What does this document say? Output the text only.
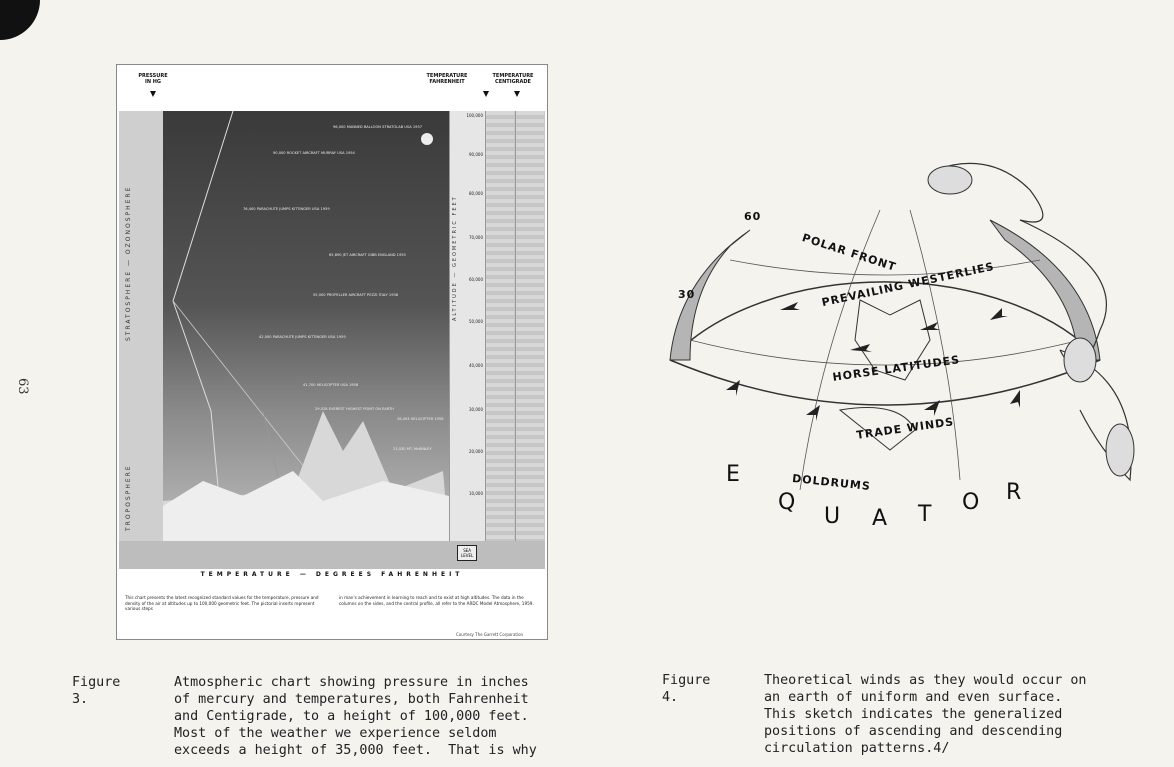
63
PRESSURE
IN HG
TEMPERATURE
FAHRENHEIT
TEMPERATURE
CENTIGRADE
STRATOSPHERE — OZONOSPHERE
TROPOSPHERE
96,000 MANNED BALLOON STRATOLAB USA 1957
90,000 ROCKET AIRCRAFT MURRAY USA 1954
76,400 PARACHUTE JUMPS KITTINGER USA 1959
65,890 JET AIRCRAFT GIBB ENGLAND 1955
55,000 PROPELLER AIRCRAFT PEZZI ITALY 1938
42,000 PARACHUTE JUMPS KITTINGER USA 1959
41,700 HELICOPTER USA 1958
29,028 EVEREST HIGHEST POINT ON EARTH
26,493 HELICOPTER 1958
23,030 MT. McKINLEY
ALTITUDE — GEOMETRIC FEET
100,000
90,000
80,000
70,000
60,000
50,000
40,000
30,000
20,000
10,000
SEA
LEVEL
TEMPERATURE — DEGREES FAHRENHEIT
This chart presents the latest recognized standard values for the temperature, pressure and density of the air at altitudes up to 100,000 geometric feet. The pictorial inserts represent various steps
in man's achievement in learning to reach and to exist at high altitudes. The data in the columns on the sides, and the central profile, all refer to the ARDC Model Atmosphere, 1959.
Courtesy The Garrett Corporation
POLAR FRONT
PREVAILING WESTERLIES
HORSE LATITUDES
TRADE WINDS
DOLDRUMS
60
30
E
Q
U A T O R
Figure 3.
Atmospheric chart showing pressure in inches
of mercury and temperatures, both Fahrenheit
and Centigrade, to a height of 100,000 feet.
Most of the weather we experience seldom
exceeds a height of 35,000 feet.  That is why
Figure 4.
Theoretical winds as they would occur on
an earth of uniform and even surface.
This sketch indicates the generalized
positions of ascending and descending
circulation patterns.4/
